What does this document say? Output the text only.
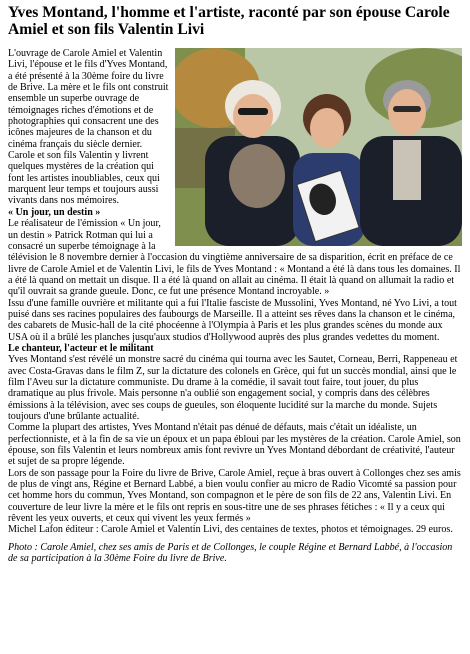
Yves Montand, l'homme et l'artiste, raconté par son épouse Carole Amiel et son fils Valentin Livi

L'ouvrage de Carole Amiel et Valentin Livi, l'épouse et le fils d'Yves Montand, a été présenté à la 30ème foire du livre de Brive. La mère et le fils ont construit ensemble un superbe ouvrage de témoignages riches d'émotions et de photographies qui consacrent une des icônes majeures de la chanson et du cinéma français du siècle dernier.

Carole et son fils Valentin y livrent quelques mystères de la création qui font les artistes inoubliables, ceux qui marquent leur temps et toujours aussi vivants dans nos mémoires.

« Un jour, un destin »

Le réalisateur de l'émission « Un jour, un destin » Patrick Rotman qui lui a consacré un superbe témoignage à la télévision le 8 novembre dernier à l'occasion du vingtième anniversaire de sa disparition, écrit en préface de ce livre de Carole Amiel et de Valentin Livi, le fils de Yves Montand : « Montand a été là dans tous les domaines. Il a été là quand on mettait un disque. Il a été là quand on allait au cinéma. Il était là quand on allumait la radio et qu'il ouvrait sa grande gueule. Donc, ce fut une présence Montand incroyable. »

Issu d'une famille ouvrière et militante qui a fui l'Italie fasciste de Mussolini, Yves Montand, né Yvo Livi, a tout puisé dans ses racines populaires des faubourgs de Marseille. Il a atteint ses rêves dans la chanson et le cinéma, des cabarets de Music-hall de la cité phocéenne à l'Olympia à Paris et les plus grandes scènes du monde aux USA où il a brûlé les planches jusqu'aux studios d'Hollywood auprès des plus grandes vedettes du moment.

Le chanteur, l'acteur et le militant

Yves Montand s'est révélé un monstre sacré du cinéma qui tourna avec les Sautet, Corneau, Berri, Rappeneau et avec Costa-Gravas dans le film Z, sur la dictature des colonels en Grèce, qui fut un succès mondial, ainsi que le film l'Aveu sur la dictature communiste. Du drame à la comédie, il savait tout faire, tout jouer, du plus dramatique au plus frivole. Mais personne n'a oublié son engagement social, y compris dans des célèbres émissions à la télévision, avec ses coups de gueules, son éloquente lucidité sur la marche du monde. Sujets toujours d'une brûlante actualité.

Comme la plupart des artistes, Yves Montand n'était pas dénué de défauts, mais c'était un idéaliste, un perfectionniste, et à la fin de sa vie un époux et un papa ébloui par les mystères de la création. Carole Amiel, son épouse, son fils Valentin et leurs nombreux amis font revivre un Yves Montand débordant de créativité, l'auteur et sujet de sa propre légende.

Lors de son passage pour la Foire du livre de Brive, Carole Amiel, reçue à bras ouvert à Collonges chez ses amis de plus de vingt ans, Régine et Bernard Labbé, a bien voulu confier au micro de Radio Vicomté sa passion pour cet homme hors du commun, Yves Montand, son compagnon et le père de son fils de 22 ans, Valentin Livi. En couverture de leur livre la mère et le fils ont repris en sous-titre une de ses phrases fétiches : « Il y a ceux qui rêvent les yeux ouverts, et ceux qui vivent les yeux fermés »

Michel Lafon éditeur : Carole Amiel et Valentin Livi, des centaines de textes, photos et témoignages. 29 euros.

Photo : Carole Amiel, chez ses amis de Paris et de Collonges, le couple Régine et Bernard Labbé, à l'occasion de sa participation à la 30ème Foire du livre de Brive.
